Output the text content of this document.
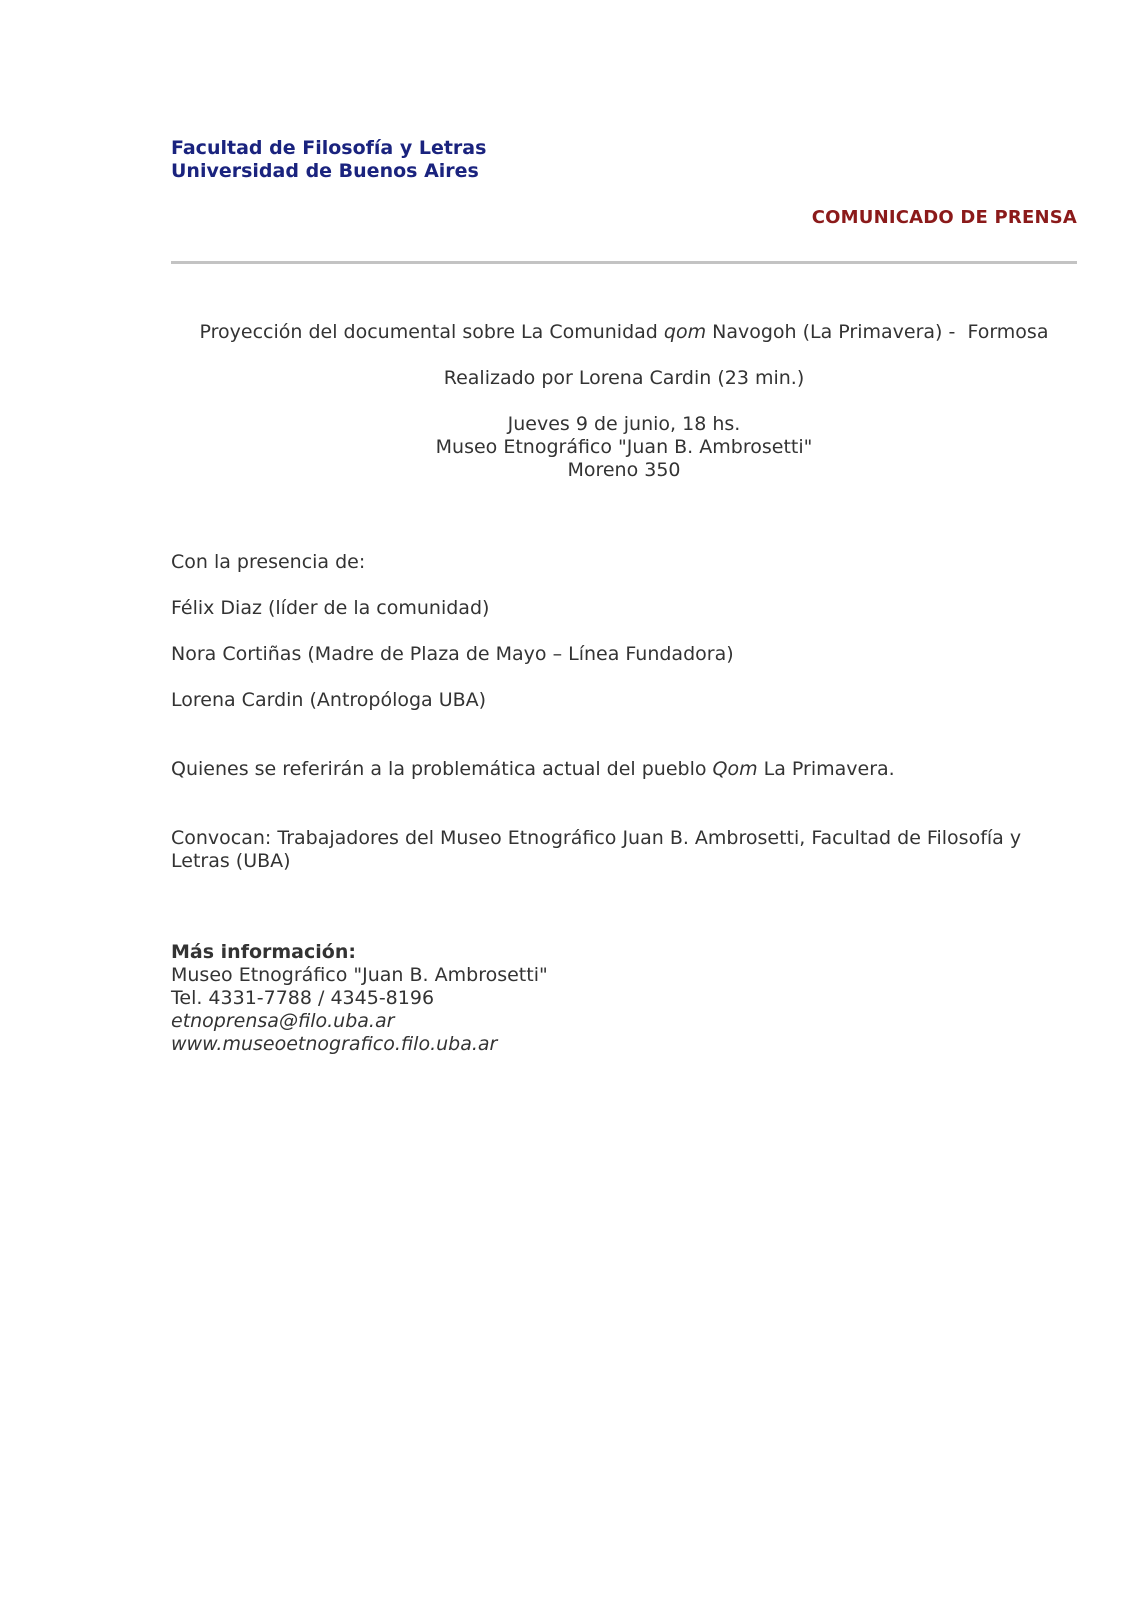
Facultad de Filosofía y Letras
Universidad de Buenos Aires
COMUNICADO DE PRENSA
Proyección del documental sobre La Comunidad qom Navogoh (La Primavera) -  Formosa
Realizado por Lorena Cardin (23 min.)
Jueves 9 de junio, 18 hs.
Museo Etnográfico "Juan B. Ambrosetti"
Moreno 350
Con la presencia de:
Félix Diaz (líder de la comunidad)
Nora Cortiñas (Madre de Plaza de Mayo – Línea Fundadora)
Lorena Cardin (Antropóloga UBA)
Quienes se referirán a la problemática actual del pueblo Qom La Primavera.
Convocan: Trabajadores del Museo Etnográfico Juan B. Ambrosetti, Facultad de Filosofía y
Letras (UBA)
Más información:
Museo Etnográfico "Juan B. Ambrosetti"
Tel. 4331-7788 / 4345-8196
etnoprensa@filo.uba.ar
www.museoetnografico.filo.uba.ar
